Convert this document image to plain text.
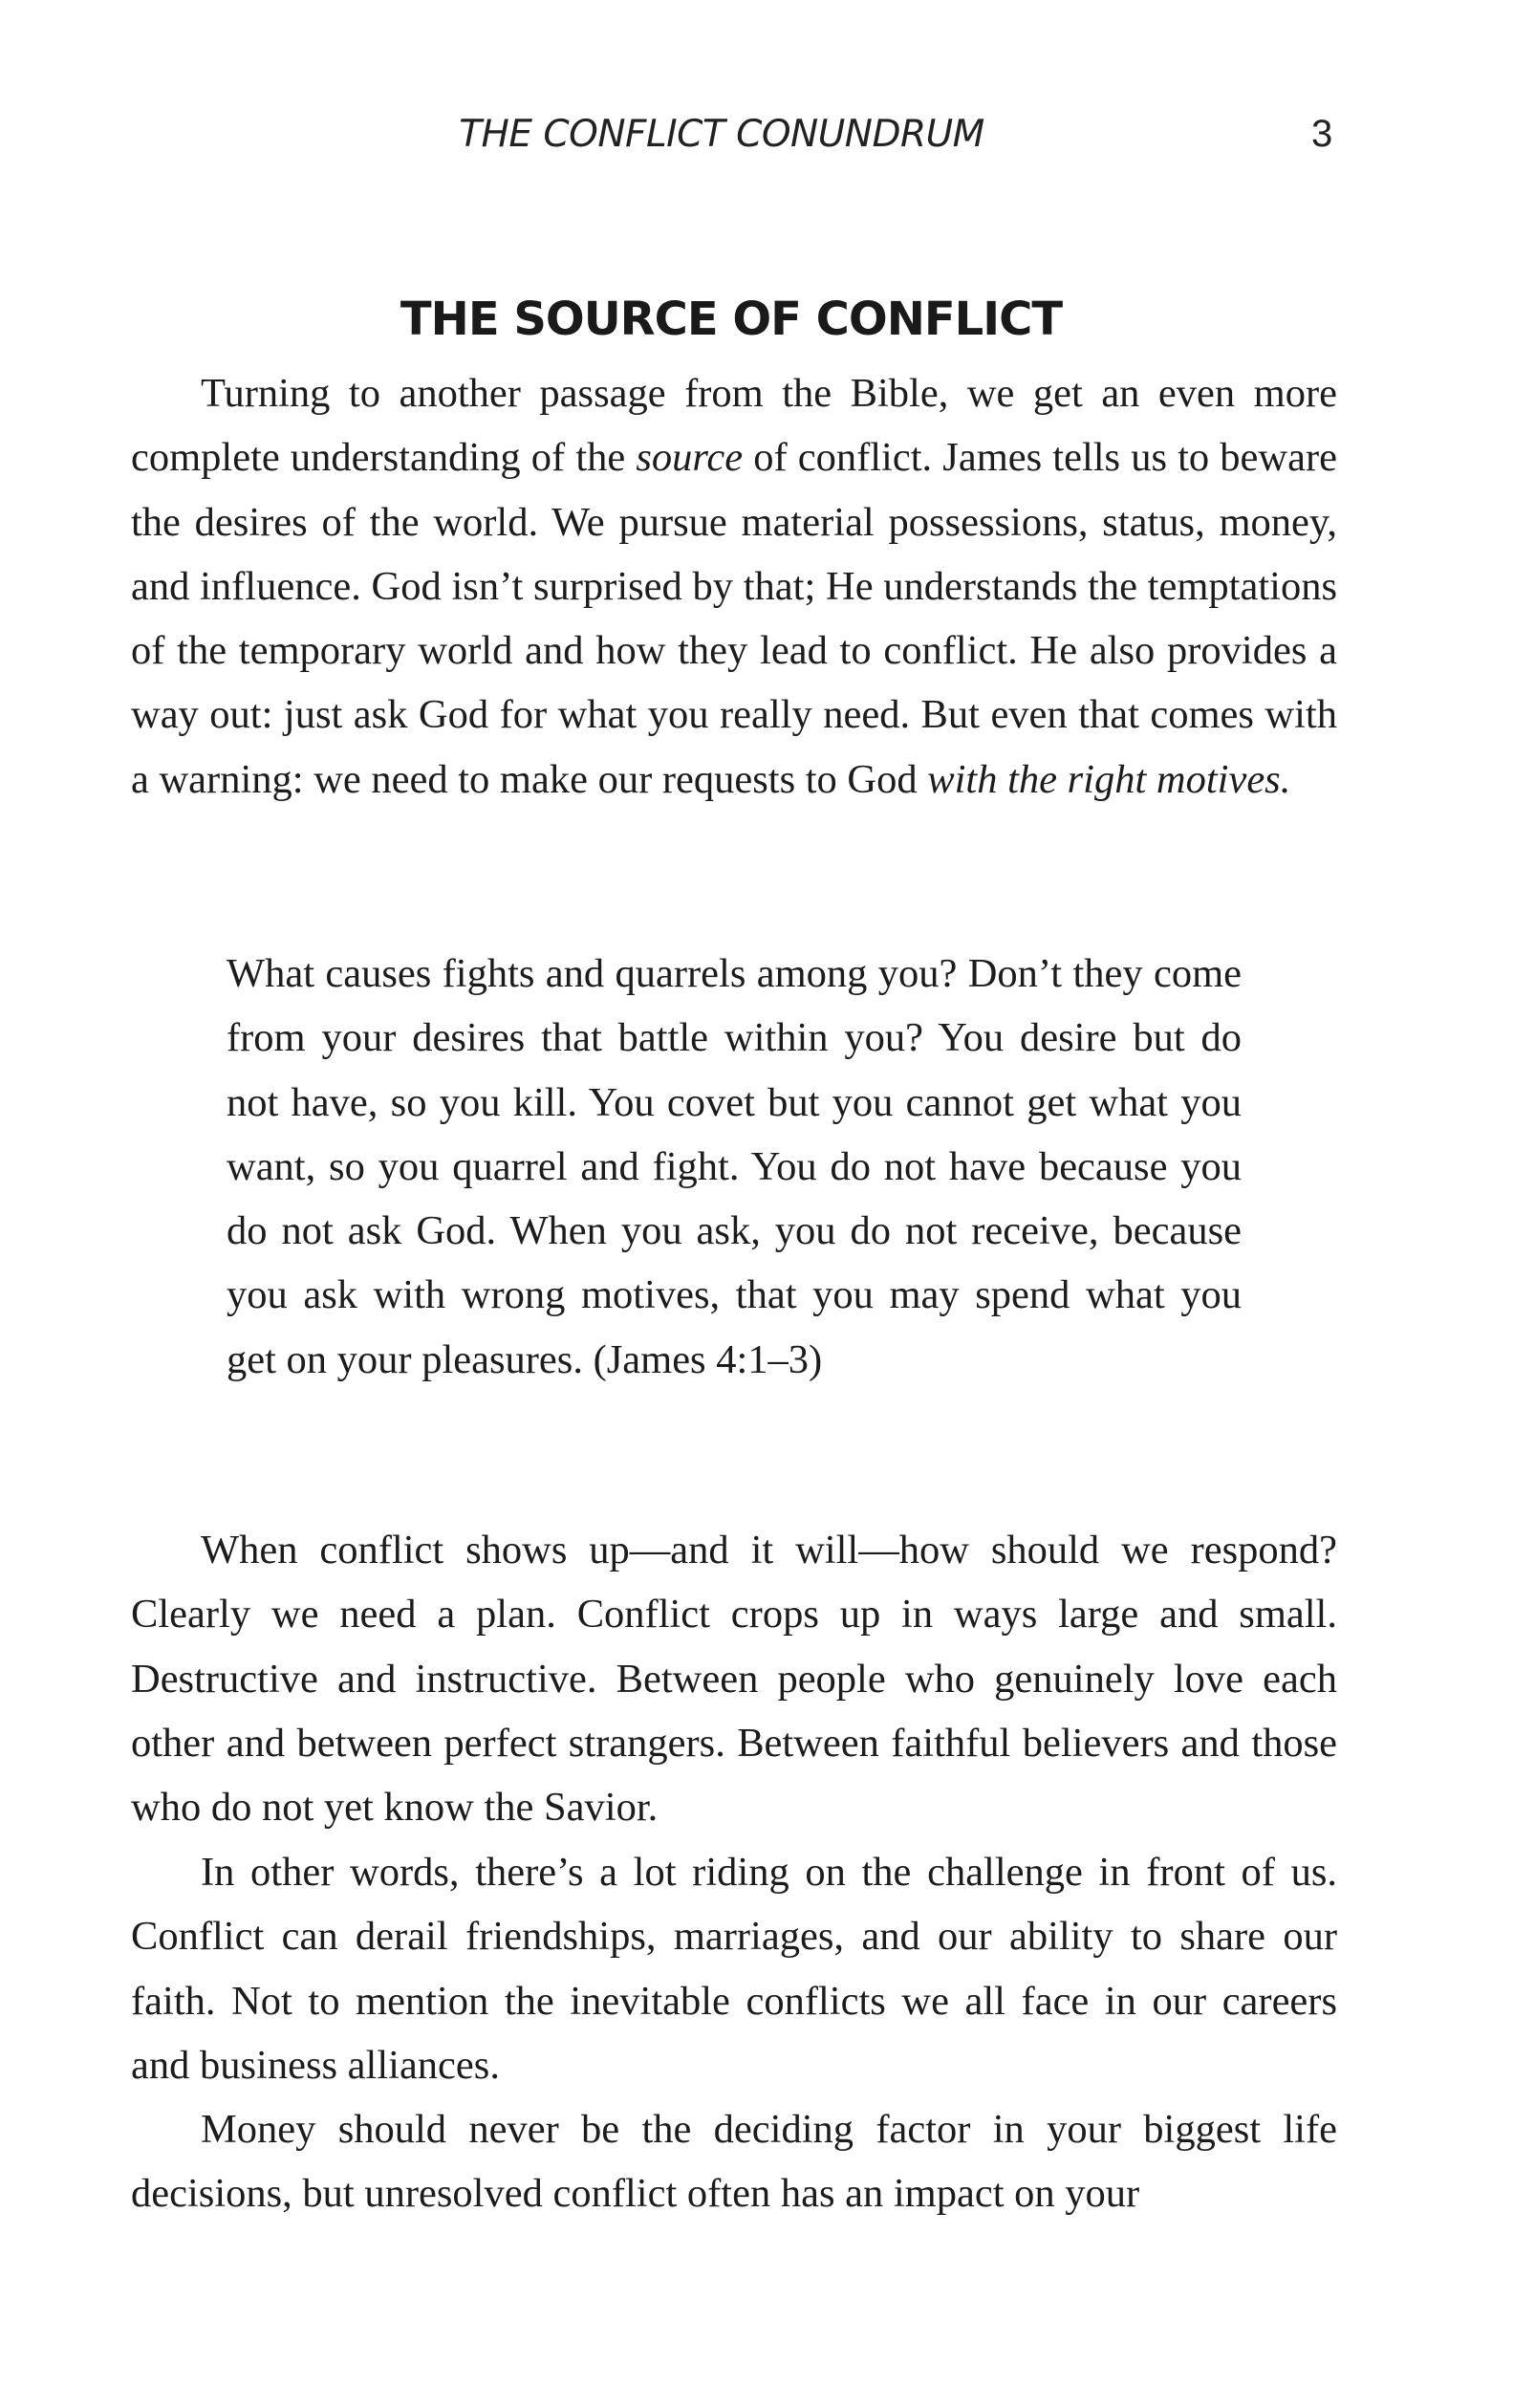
THE CONFLICT CONUNDRUM	3
THE SOURCE OF CONFLICT

Turning to another passage from the Bible, we get an even more complete understanding of the source of conflict. James tells us to beware the desires of the world. We pursue material possessions, status, money, and influence. God isn’t surprised by that; He understands the temptations of the temporary world and how they lead to conflict. He also provides a way out: just ask God for what you really need. But even that comes with a warning: we need to make our requests to God with the right motives.

What causes fights and quarrels among you? Don’t they come from your desires that battle within you? You desire but do not have, so you kill. You covet but you cannot get what you want, so you quarrel and fight. You do not have because you do not ask God. When you ask, you do not receive, because you ask with wrong motives, that you may spend what you get on your pleasures. (James 4:1–3)

When conflict shows up—and it will—how should we respond? Clearly we need a plan. Conflict crops up in ways large and small. Destructive and instructive. Between people who genuinely love each other and between perfect strangers. Between faithful believers and those who do not yet know the Savior.

In other words, there’s a lot riding on the challenge in front of us. Conflict can derail friendships, marriages, and our ability to share our faith. Not to mention the inevitable conflicts we all face in our careers and business alliances.

Money should never be the deciding factor in your biggest life decisions, but unresolved conflict often has an impact on your
